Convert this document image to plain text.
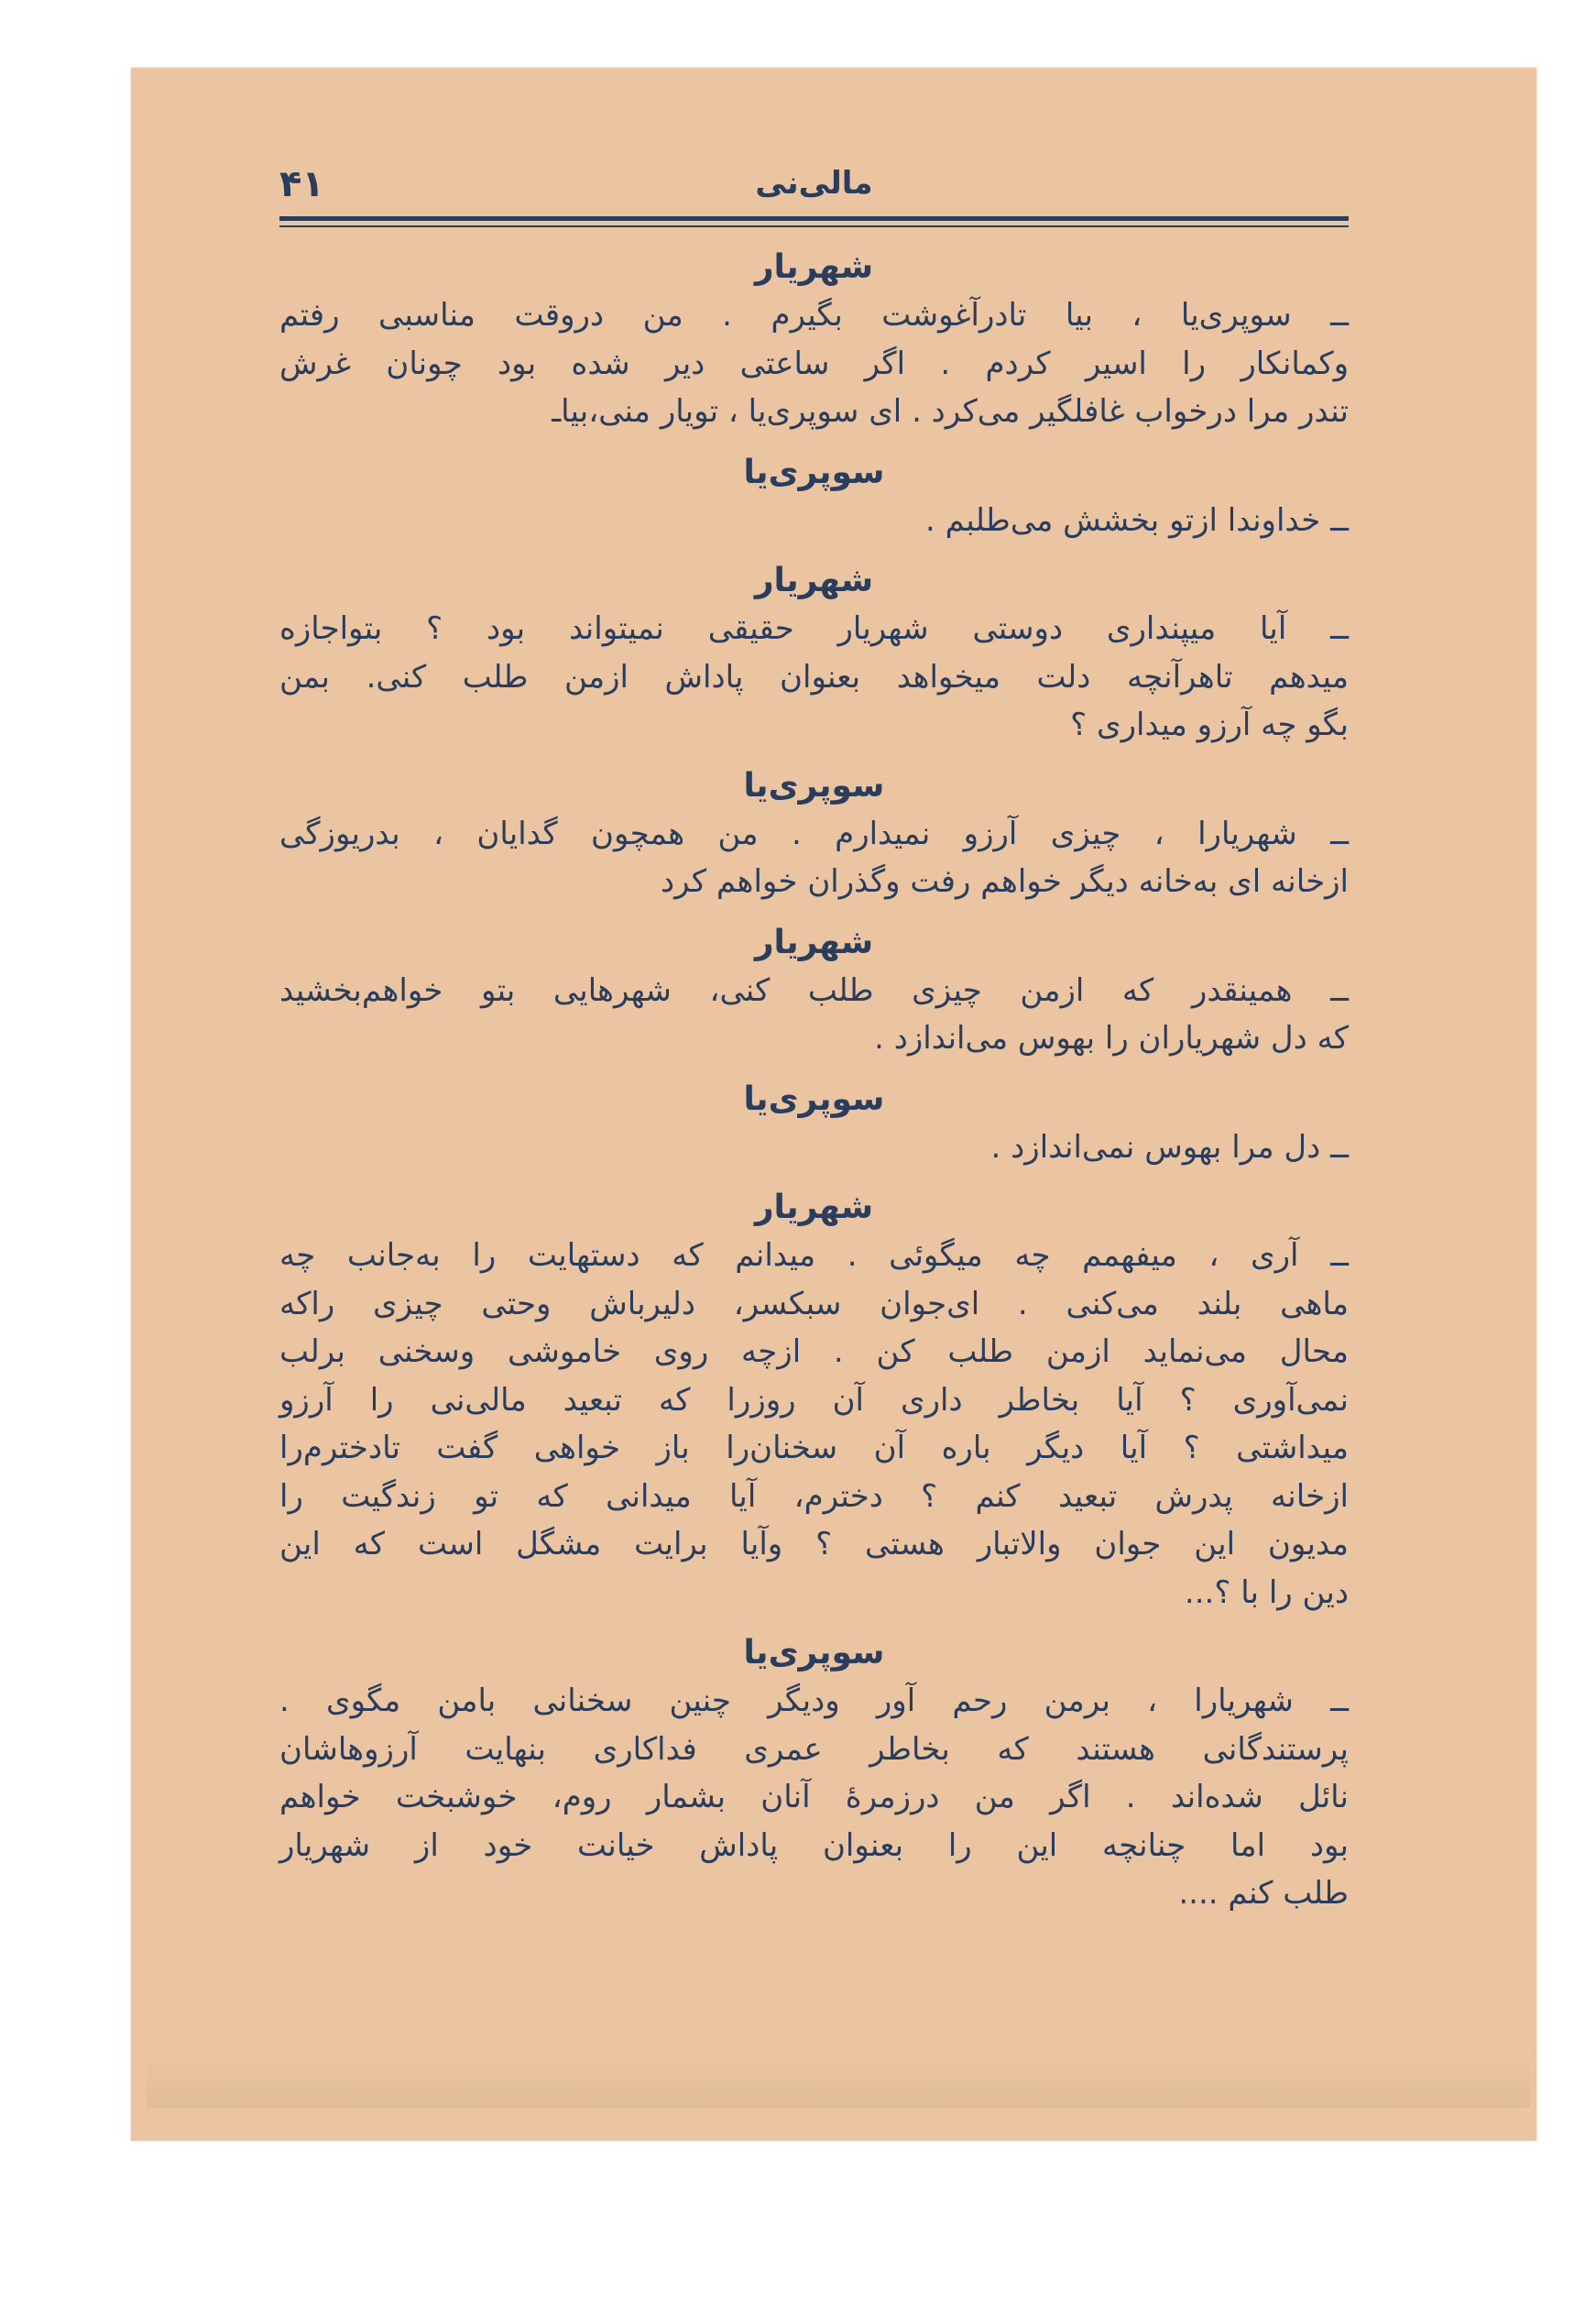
۴۱	مالی‌نی
شهریار
ــ سوپری‌یا ، بیا تادرآغوشت بگیرم . من دروقت مناسبی رفتم
وکمانکار را اسیر کردم . اگر ساعتی دیر شده بود چونان غرش
تندر مرا درخواب غافلگیر می‌کرد . ای سوپری‌یا ، تویار منی،بیاـ
سوپری‌یا
ــ خداوندا ازتو بخشش می‌طلبم .
شهریار
ــ آیا میپنداری دوستی شهریار حقیقی نمیتواند بود ؟ بتواجازه
میدهم تاهرآنچه دلت میخواهد بعنوان پاداش ازمن طلب کنی. بمن
بگو چه آرزو میداری ؟
سوپری‌یا
ــ شهریارا ، چیزی آرزو نمیدارم . من همچون گدایان ، بدریوزگی
ازخانه ای به‌خانه دیگر خواهم رفت وگذران خواهم کرد
شهریار
ــ همینقدر که ازمن چیزی طلب کنی، شهرهایی بتو خواهم‌بخشید
که دل شهریاران را بهوس می‌اندازد .
سوپری‌یا
ــ دل مرا بهوس نمی‌اندازد .
شهریار
ــ آری ، میفهمم چه میگوئی . میدانم که دستهایت را به‌جانب چه
ماهی بلند می‌کنی . ای‌جوان سبکسر، دلیرباش وحتی چیزی راکه
محال می‌نماید ازمن طلب کن . ازچه روی خاموشی وسخنی برلب
نمی‌آوری ؟ آیا بخاطر داری آن روزرا که تبعید مالی‌نی را آرزو
میداشتی ؟ آیا دیگر باره آن سخنان‌را باز خواهی گفت تادخترم‌را
ازخانه پدرش تبعید کنم ؟ دخترم، آیا میدانی که تو زندگیت را
مدیون این جوان والاتبار هستی ؟ وآیا برایت مشگل است که این
دین را با ؟...
سوپری‌یا
ــ شهریارا ، برمن رحم آور ودیگر چنین سخنانی بامن مگوی .
پرستندگانی هستند که بخاطر عمری فداکاری بنهایت آرزوهاشان
نائل شده‌اند . اگر من درزمرهٔ آنان بشمار روم، خوشبخت خواهم
بود اما چنانچه این را بعنوان پاداش خیانت خود از شهریار
طلب کنم ....
